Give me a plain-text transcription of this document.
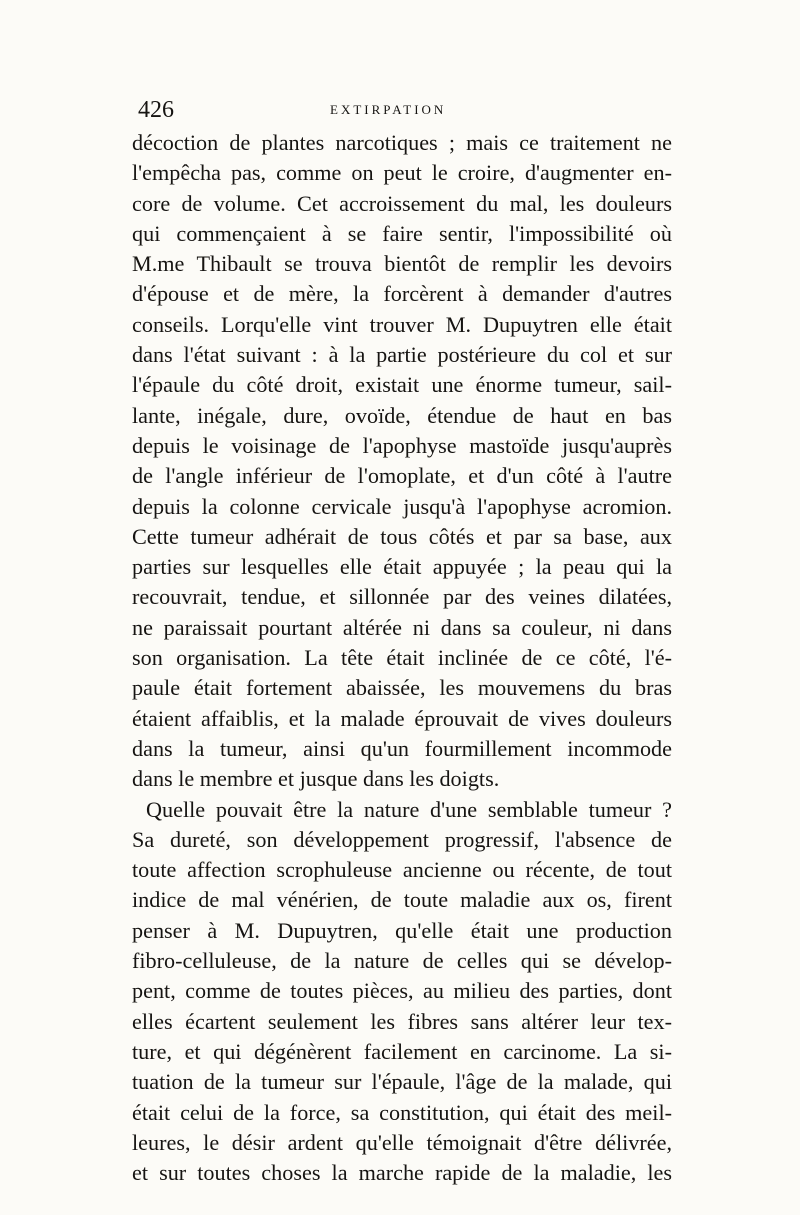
426	EXTIRPATION
décoction de plantes narcotiques ; mais ce traitement ne
l'empêcha pas, comme on peut le croire, d'augmenter en-
core de volume. Cet accroissement du mal, les douleurs
qui commençaient à se faire sentir, l'impossibilité où
M.me Thibault se trouva bientôt de remplir les devoirs
d'épouse et de mère, la forcèrent à demander d'autres
conseils. Lorqu'elle vint trouver M. Dupuytren elle était
dans l'état suivant : à la partie postérieure du col et sur
l'épaule du côté droit, existait une énorme tumeur, sail-
lante, inégale, dure, ovoïde, étendue de haut en bas
depuis le voisinage de l'apophyse mastoïde jusqu'auprès
de l'angle inférieur de l'omoplate, et d'un côté à l'autre
depuis la colonne cervicale jusqu'à l'apophyse acromion.
Cette tumeur adhérait de tous côtés et par sa base, aux
parties sur lesquelles elle était appuyée ; la peau qui la
recouvrait, tendue, et sillonnée par des veines dilatées,
ne paraissait pourtant altérée ni dans sa couleur, ni dans
son organisation. La tête était inclinée de ce côté, l'é-
paule était fortement abaissée, les mouvemens du bras
étaient affaiblis, et la malade éprouvait de vives douleurs
dans la tumeur, ainsi qu'un fourmillement incommode
dans le membre et jusque dans les doigts.
Quelle pouvait être la nature d'une semblable tumeur ?
Sa dureté, son développement progressif, l'absence de
toute affection scrophuleuse ancienne ou récente, de tout
indice de mal vénérien, de toute maladie aux os, firent
penser à M. Dupuytren, qu'elle était une production
fibro-celluleuse, de la nature de celles qui se dévelop-
pent, comme de toutes pièces, au milieu des parties, dont
elles écartent seulement les fibres sans altérer leur tex-
ture, et qui dégénèrent facilement en carcinome. La si-
tuation de la tumeur sur l'épaule, l'âge de la malade, qui
était celui de la force, sa constitution, qui était des meil-
leures, le désir ardent qu'elle témoignait d'être délivrée,
et sur toutes choses la marche rapide de la maladie, les
